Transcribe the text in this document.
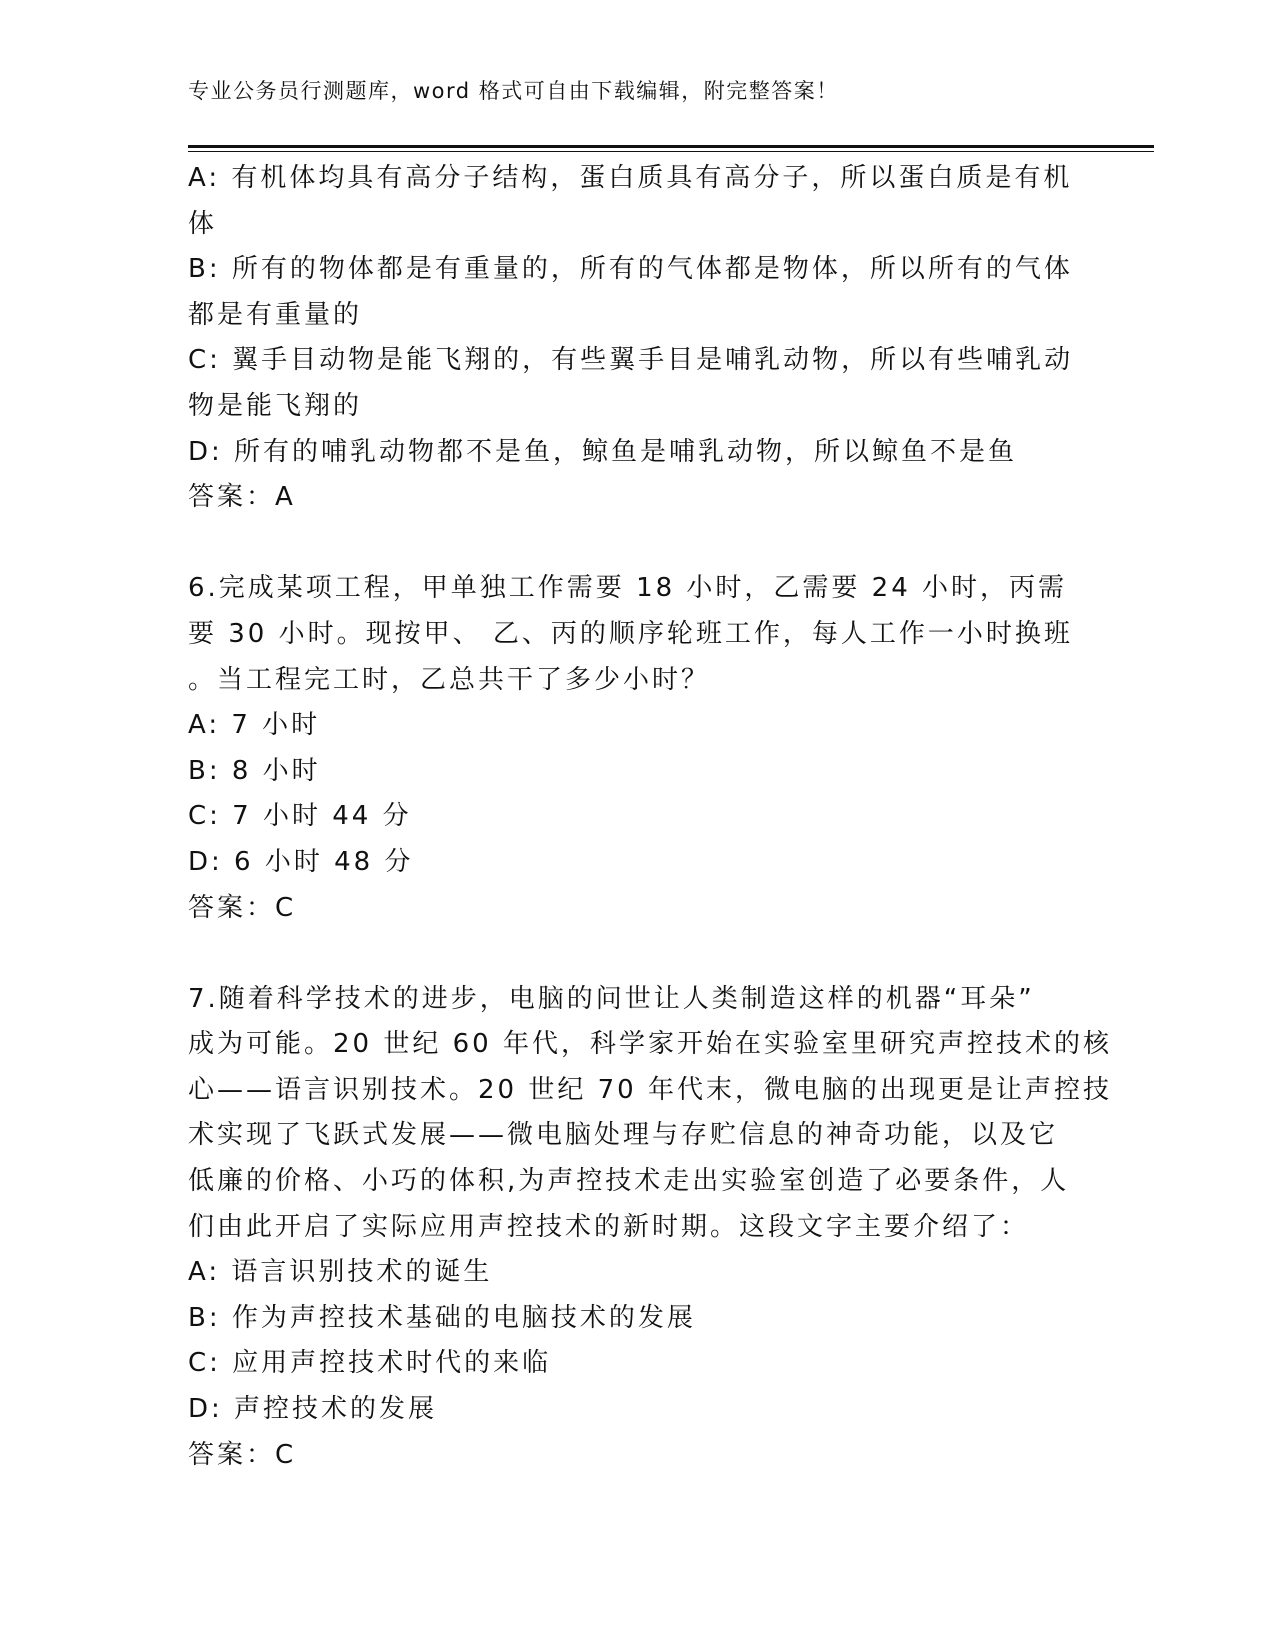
专业公务员行测题库，word 格式可自由下载编辑，附完整答案！
A: 有机体均具有高分子结构，蛋白质具有高分子，所以蛋白质是有机
体
B: 所有的物体都是有重量的，所有的气体都是物体，所以所有的气体
都是有重量的
C: 翼手目动物是能飞翔的，有些翼手目是哺乳动物，所以有些哺乳动
物是能飞翔的
D: 所有的哺乳动物都不是鱼，鲸鱼是哺乳动物，所以鲸鱼不是鱼
答案：A
6.完成某项工程，甲单独工作需要 18 小时，乙需要 24 小时，丙需
要 30 小时。现按甲、 乙、丙的顺序轮班工作，每人工作一小时换班
。当工程完工时，乙总共干了多少小时？
A: 7 小时
B: 8 小时
C: 7 小时 44 分
D: 6 小时 48 分
答案：C
7.随着科学技术的进步，电脑的问世让人类制造这样的机器“耳朵”
成为可能。20 世纪 60 年代，科学家开始在实验室里研究声控技术的核
心——语言识别技术。20 世纪 70 年代末，微电脑的出现更是让声控技
术实现了飞跃式发展——微电脑处理与存贮信息的神奇功能，以及它
低廉的价格、小巧的体积,为声控技术走出实验室创造了必要条件，人
们由此开启了实际应用声控技术的新时期。这段文字主要介绍了：
A: 语言识别技术的诞生
B: 作为声控技术基础的电脑技术的发展
C: 应用声控技术时代的来临
D: 声控技术的发展
答案：C
